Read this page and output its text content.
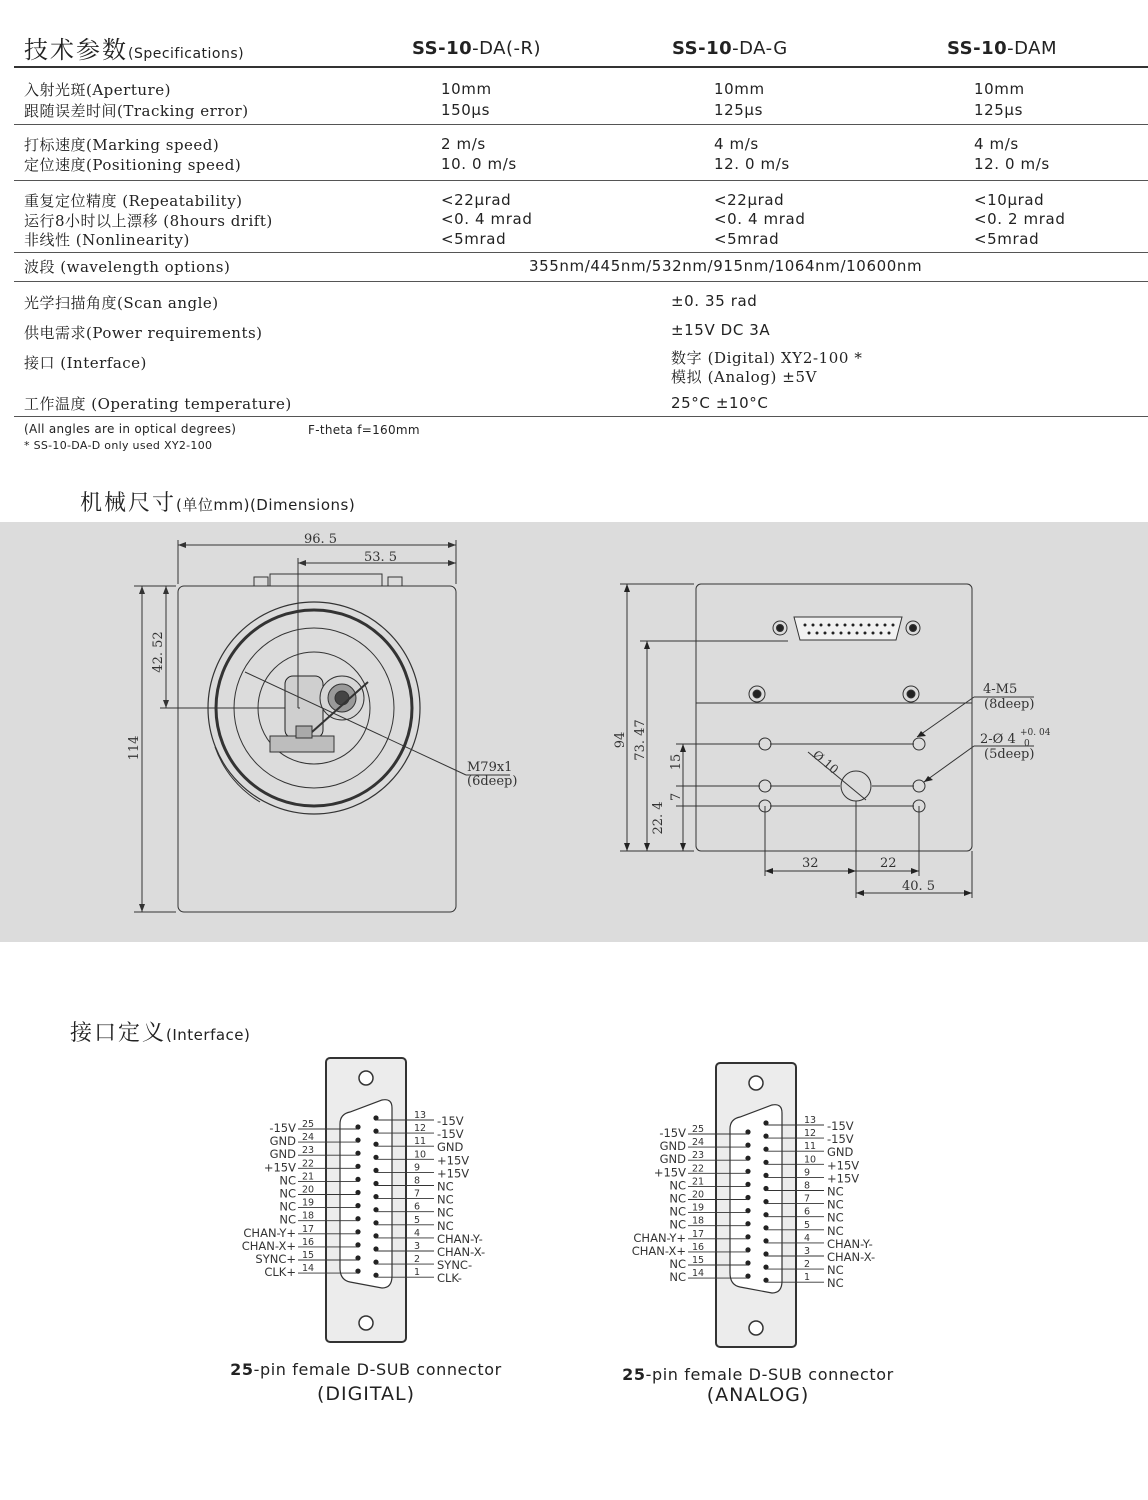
技术参数(Specifications)	SS-10-DA(-R)	SS-10-DA-G	SS-10-DAM
入射光斑(Aperture)	10mm	10mm	10mm
跟随误差时间(Tracking error)	150μs	125μs	125μs
打标速度(Marking speed)	2 m/s	4 m/s	4 m/s
定位速度(Positioning speed)	10. 0 m/s	12. 0 m/s	12. 0 m/s
重复定位精度 (Repeatability)	<22μrad	<22μrad	<10μrad
运行8小时以上漂移 (8hours drift)	<0. 4 mrad	<0. 4 mrad	<0. 2 mrad
非线性 (Nonlinearity)	<5mrad	<5mrad	<5mrad
波段 (wavelength options)	355nm/445nm/532nm/915nm/1064nm/10600nm
光学扫描角度(Scan angle)	±0. 35 rad
供电需求(Power requirements)	±15V DC 3A
接口 (Interface)	数字 (Digital) XY2-100 *
模拟 (Analog) ±5V
工作温度 (Operating temperature)	25°C ±10°C
(All angles are in optical degrees)	F-theta f=160mm
* SS-10-DA-D only used XY2-100
机械尺寸(单位mm)(Dimensions)
96. 5
53. 5
42. 52
114
M79x1
(6deep)
94 73. 47
15
7
22. 4
32	22
40. 5
Ø 10
4-M5
(8deep)
2-Ø 4 +0. 04
0
(5deep)
接口定义(Interface)
25
-15V
24
GND
23
GND
22
+15V
21
NC
20
NC
19
NC
18
NC
17
CHAN-Y+
16
CHAN-X+
15
SYNC+
14
CLK+
13 -15V
12 -15V
11 GND
10 +15V
9 +15V
8 NC
7 NC
6 NC
5 NC
4 CHAN-Y-
3 CHAN-X-
2 SYNC-
1 CLK-
25
-15V
24
GND
23
GND
22
+15V
21
NC
20
NC
19
NC
18
NC
17
CHAN-Y+
16
CHAN-X+
15
NC
14
NC
13 -15V
12 -15V
11 GND
10 +15V
9 +15V
8 NC
7 NC
6 NC
5 NC
4 CHAN-Y-
3 CHAN-X-
2 NC
1 NC
25-pin female D-SUB connector
(DIGITAL)
25-pin female D-SUB connector
(ANALOG)
